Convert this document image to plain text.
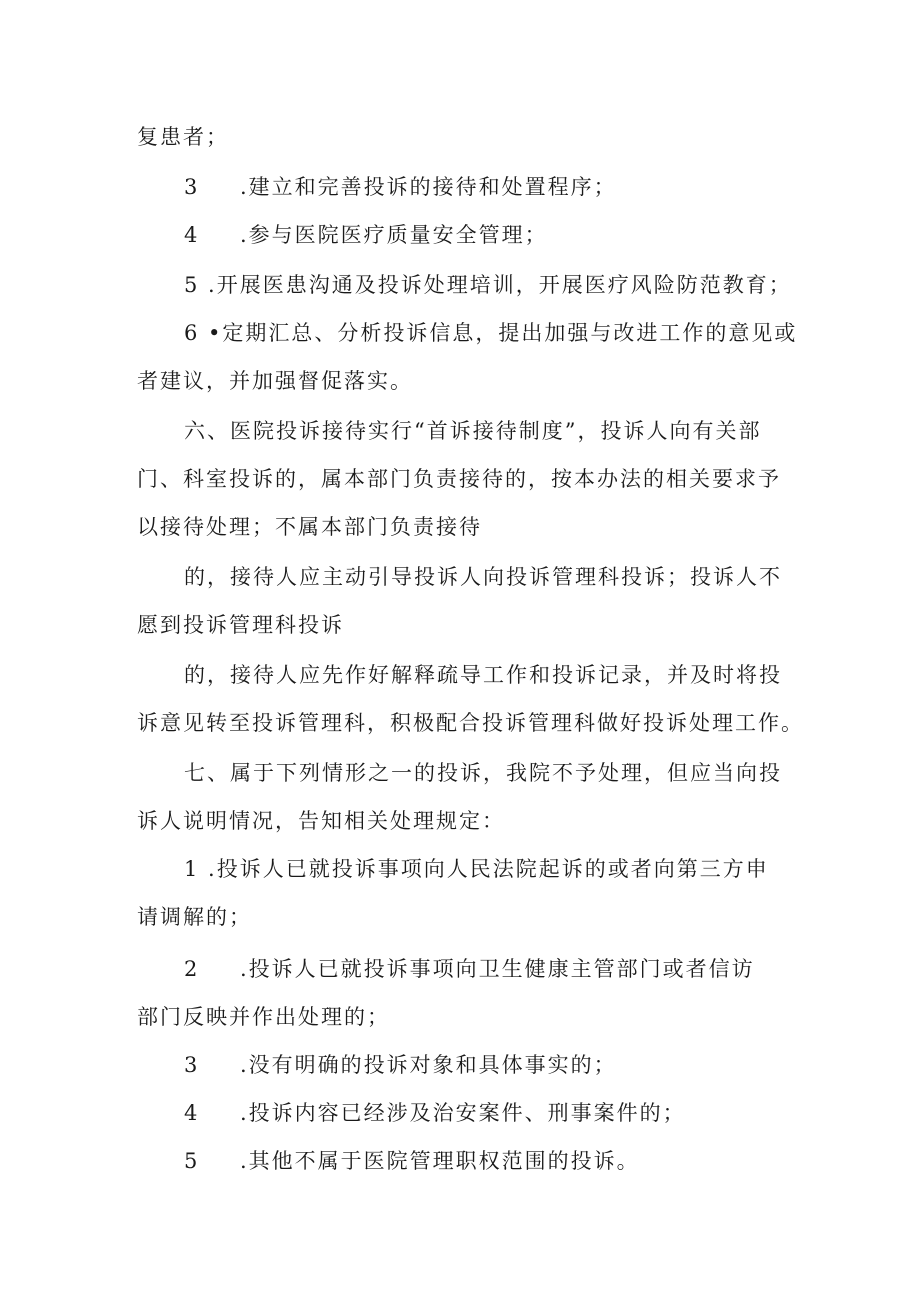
复患者；
3 .建立和完善投诉的接待和处置程序；
4 .参与医院医疗质量安全管理；
5 .开展医患沟通及投诉处理培训，开展医疗风险防范教育；
6 •定期汇总、分析投诉信息，提出加强与改进工作的意见或
者建议，并加强督促落实。
六、医院投诉接待实行“首诉接待制度”，投诉人向有关部
门、科室投诉的，属本部门负责接待的，按本办法的相关要求予
以接待处理；不属本部门负责接待
的，接待人应主动引导投诉人向投诉管理科投诉；投诉人不
愿到投诉管理科投诉
的，接待人应先作好解释疏导工作和投诉记录，并及时将投
诉意见转至投诉管理科，积极配合投诉管理科做好投诉处理工作。
七、属于下列情形之一的投诉，我院不予处理，但应当向投
诉人说明情况，告知相关处理规定：
1 .投诉人已就投诉事项向人民法院起诉的或者向第三方申
请调解的；
2 .投诉人已就投诉事项向卫生健康主管部门或者信访
部门反映并作出处理的；
3 .没有明确的投诉对象和具体事实的；
4 .投诉内容已经涉及治安案件、刑事案件的；
5 .其他不属于医院管理职权范围的投诉。
